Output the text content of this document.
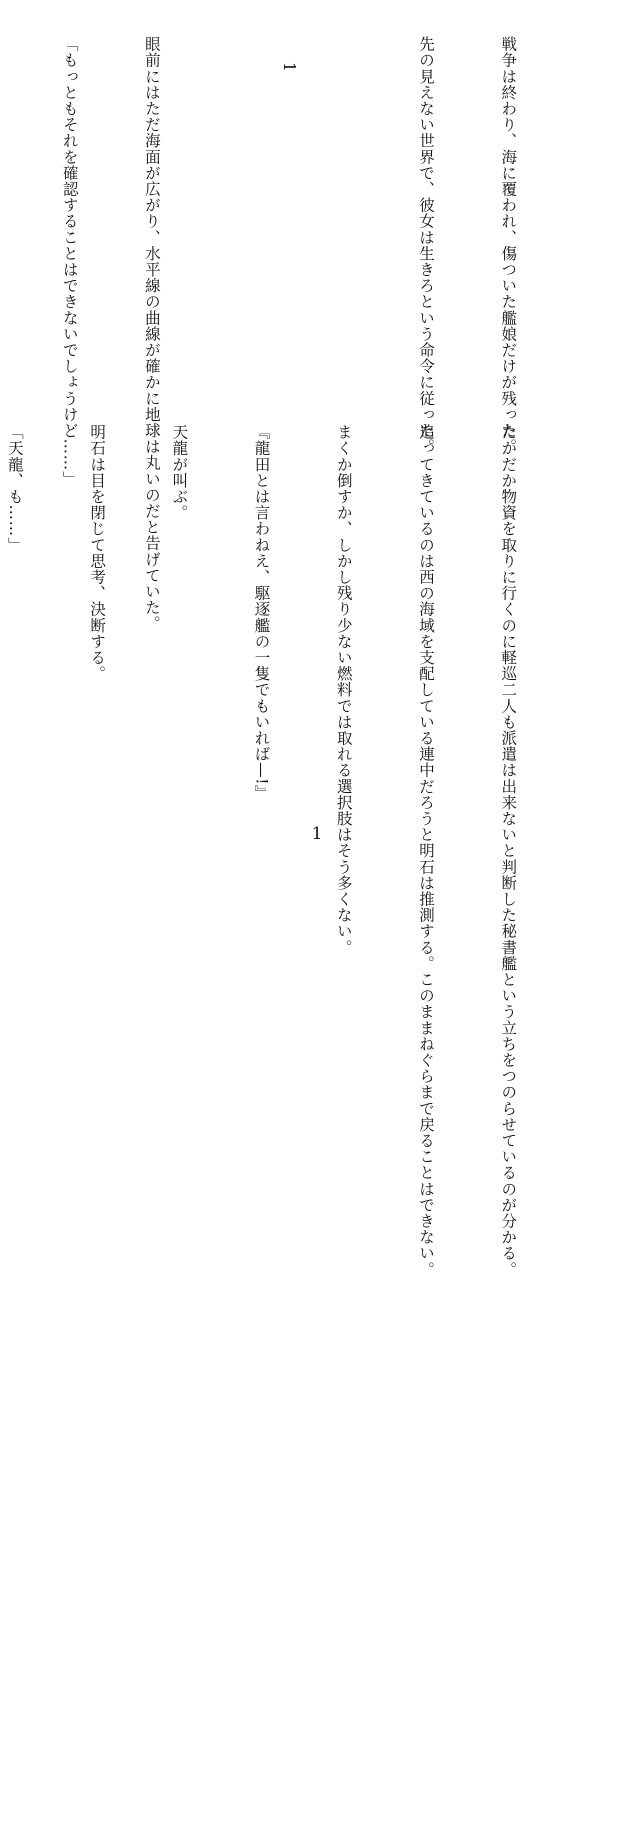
戦争は終わり、海に覆われ、傷ついた艦娘だけが残った。

先の見えない世界で、彼女は生きろという命令に従った。

1

眼前にはただ海面が広がり、水平線の曲線が確かに地球は丸いのだと告げていた。

「もっともそれを確認することはできないでしょうけど……」

たかだか物資を取りに行くのに軽巡二人も派遣は出来ないと判断した秘書艦という立ちをつのらせているのが分かる。

追ってきているのは西の海域を支配している連中だろうと明石は推測する。このままねぐらまで戻ることはできない。

まくか倒すか、しかし残り少ない燃料では取れる選択肢はそう多くない。

『龍田とは言わねえ、駆逐艦の一隻でもいれば—!』

天龍が叫ぶ。

明石は目を閉じて思考、決断する。

「天龍、も……」

1
